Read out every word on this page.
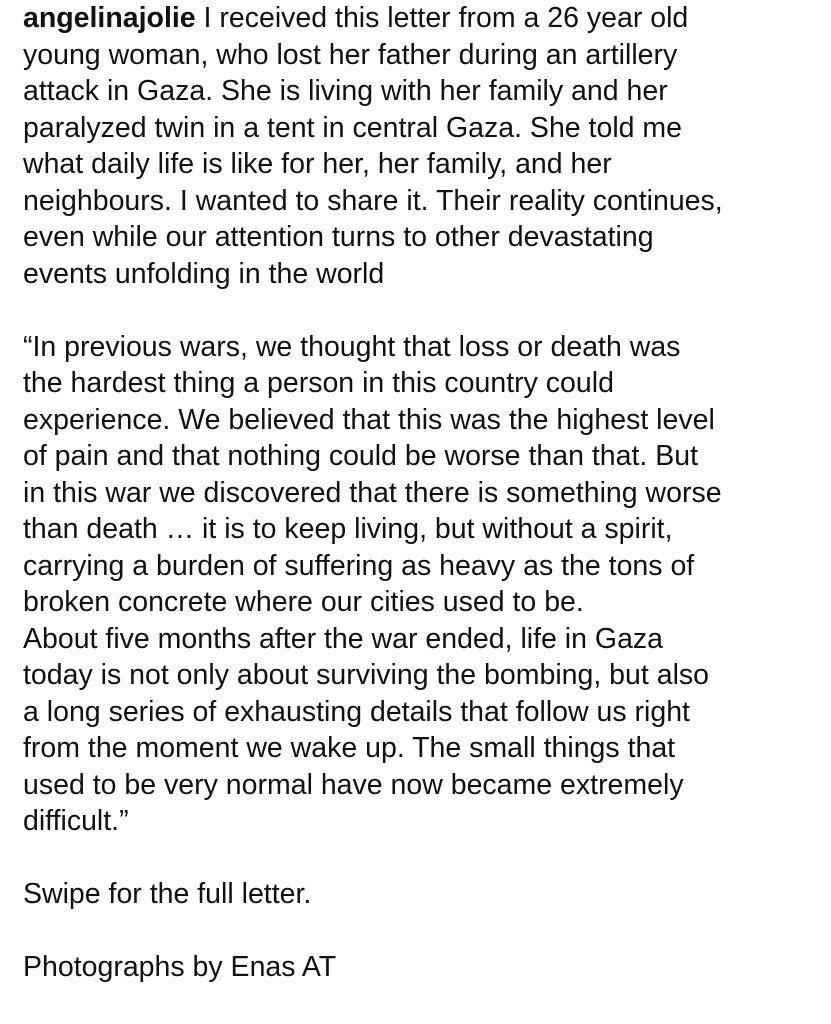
angelinajolie I received this letter from a 26 year old
young woman, who lost her father during an artillery
attack in Gaza. She is living with her family and her
paralyzed twin in a tent in central Gaza. She told me
what daily life is like for her, her family, and her
neighbours. I wanted to share it. Their reality continues,
even while our attention turns to other devastating
events unfolding in the world

“In previous wars, we thought that loss or death was
the hardest thing a person in this country could
experience. We believed that this was the highest level
of pain and that nothing could be worse than that. But
in this war we discovered that there is something worse
than death … it is to keep living, but without a spirit,
carrying a burden of suffering as heavy as the tons of
broken concrete where our cities used to be.

About five months after the war ended, life in Gaza
today is not only about surviving the bombing, but also
a long series of exhausting details that follow us right
from the moment we wake up. The small things that
used to be very normal have now became extremely
difficult.”

Swipe for the full letter.

Photographs by Enas AT
